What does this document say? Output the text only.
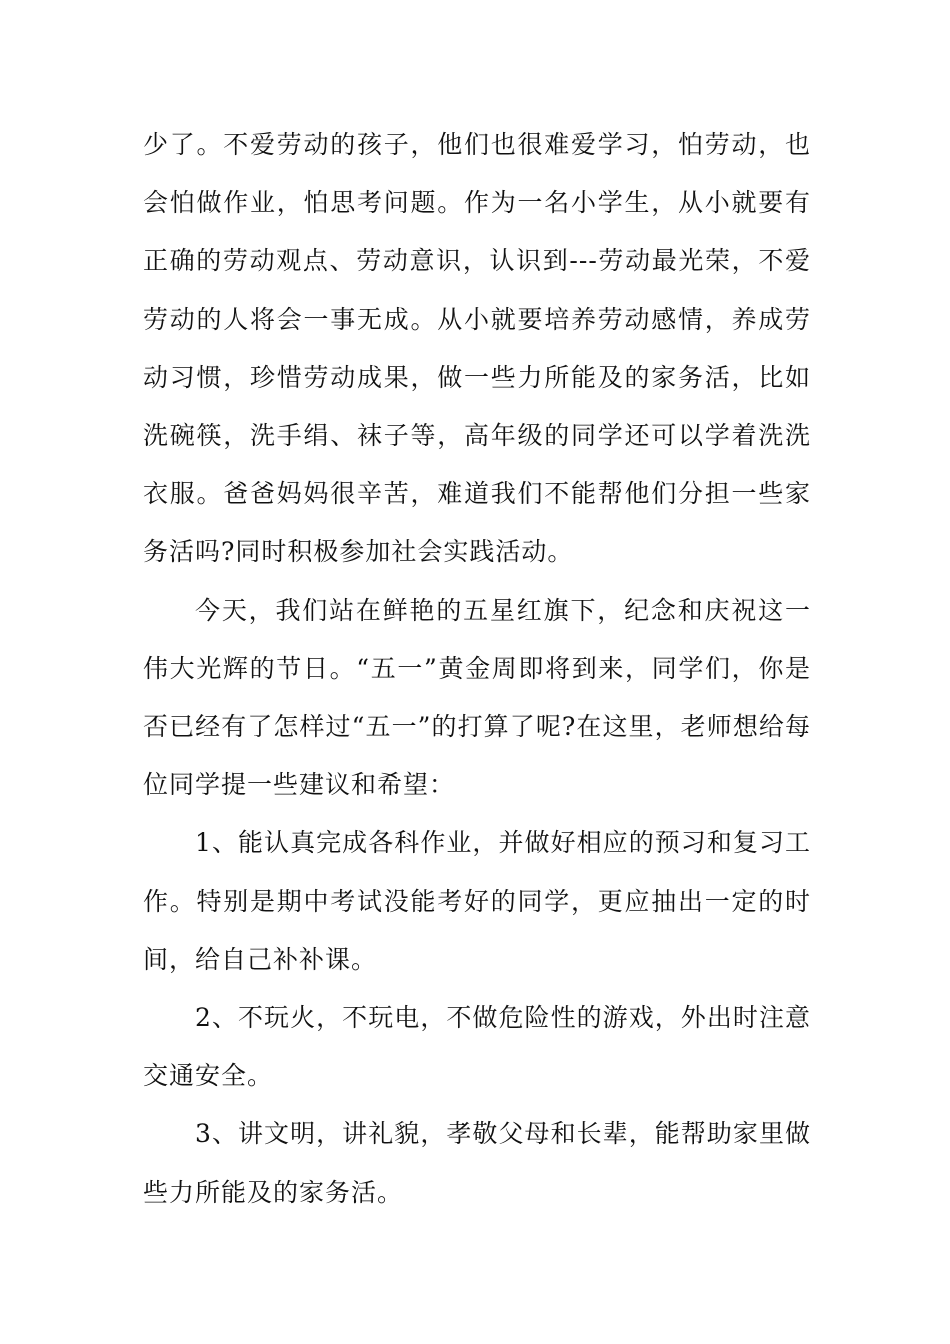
少了。不爱劳动的孩子，他们也很难爱学习，怕劳动，也会怕做作业，怕思考问题。作为一名小学生，从小就要有正确的劳动观点、劳动意识，认识到---劳动最光荣，不爱劳动的人将会一事无成。从小就要培养劳动感情，养成劳动习惯，珍惜劳动成果，做一些力所能及的家务活，比如洗碗筷，洗手绢、袜子等，高年级的同学还可以学着洗洗衣服。爸爸妈妈很辛苦，难道我们不能帮他们分担一些家务活吗?同时积极参加社会实践活动。

今天，我们站在鲜艳的五星红旗下，纪念和庆祝这一伟大光辉的节日。“五一”黄金周即将到来，同学们，你是否已经有了怎样过“五一”的打算了呢?在这里，老师想给每位同学提一些建议和希望：

1、能认真完成各科作业，并做好相应的预习和复习工作。特别是期中考试没能考好的同学，更应抽出一定的时间，给自己补补课。

2、不玩火，不玩电，不做危险性的游戏，外出时注意交通安全。

3、讲文明，讲礼貌，孝敬父母和长辈，能帮助家里做些力所能及的家务活。
